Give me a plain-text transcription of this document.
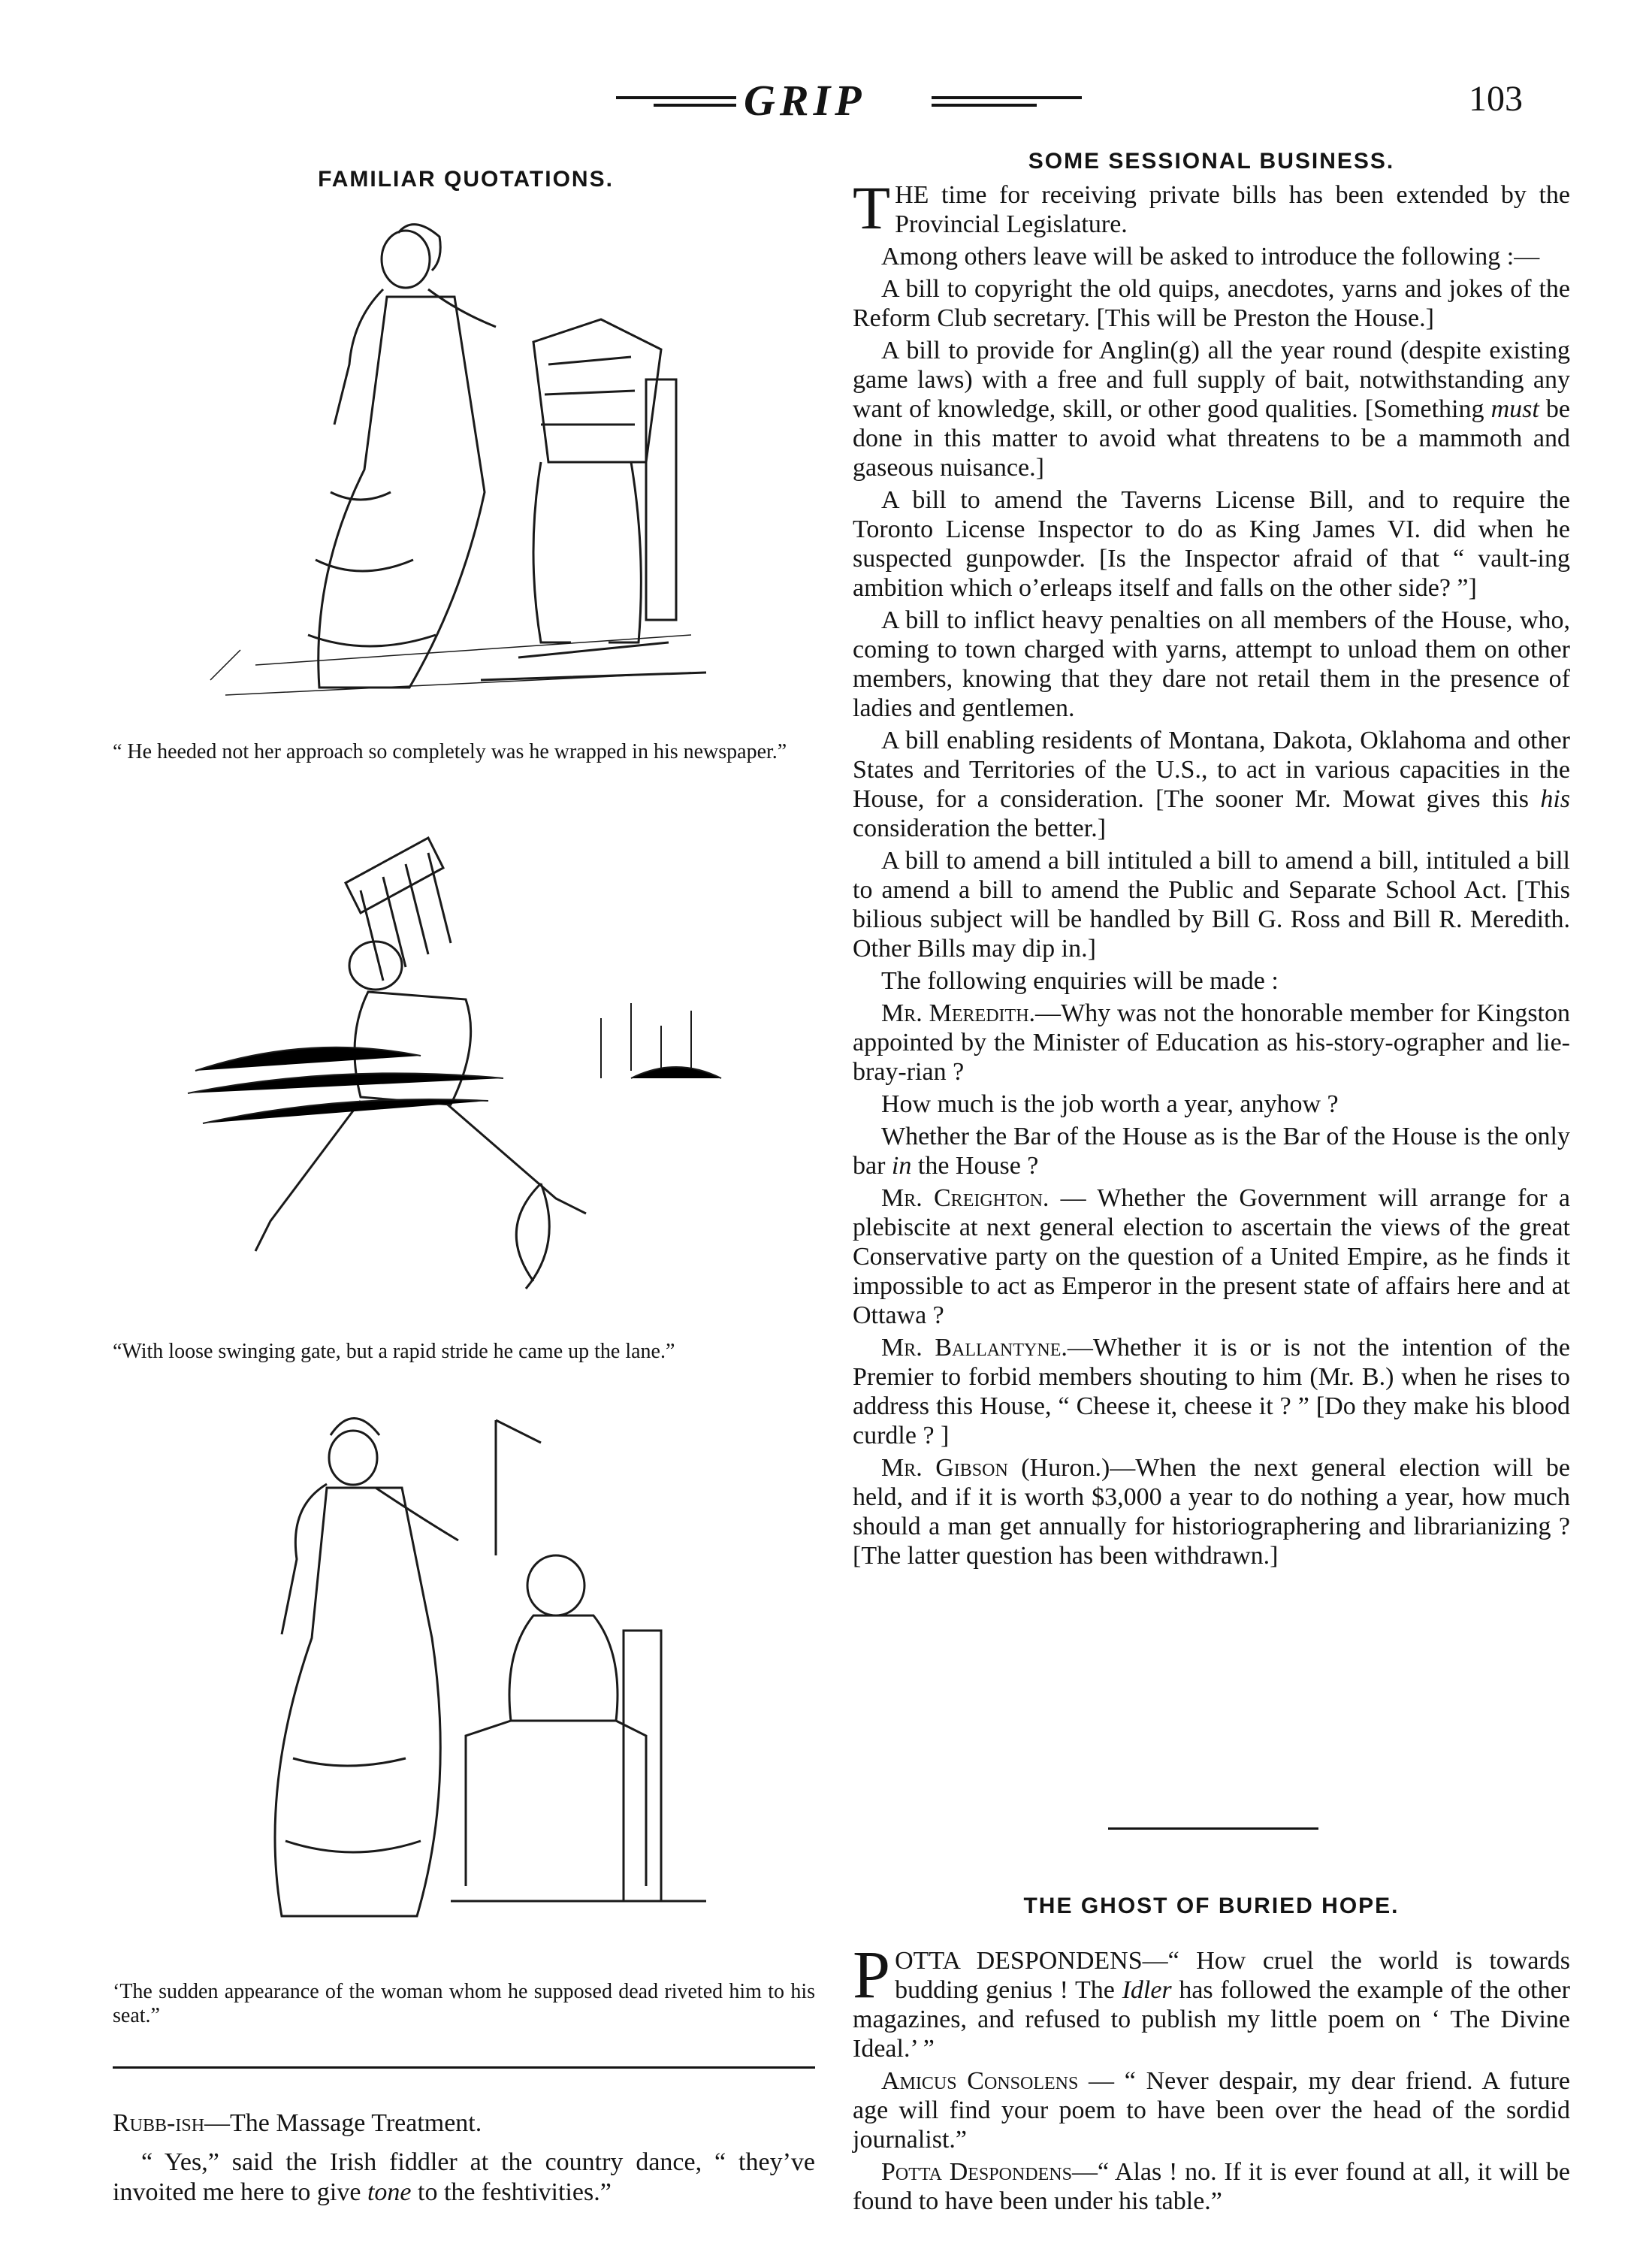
GRIP	103
FAMILIAR QUOTATIONS.
“ He heeded not her approach so completely was he wrapped in his newspaper.”
“With loose swinging gate, but a rapid stride he came up the lane.”
‘The sudden appearance of the woman whom he supposed dead riveted him to his seat.”

Rubb-ish—The Massage Treatment.

“ Yes,” said the Irish fiddler at the country dance, “ they’ve invoited me here to give tone to the feshtivities.”

SOME SESSIONAL BUSINESS.

THE time for receiving private bills has been extended by the Provincial Legislature.

Among others leave will be asked to introduce the following :—

A bill to copyright the old quips, anecdotes, yarns and jokes of the Reform Club secretary. [This will be Preston the House.]

A bill to provide for Anglin(g) all the year round (despite existing game laws) with a free and full supply of bait, notwithstanding any want of knowledge, skill, or other good qualities. [Something must be done in this matter to avoid what threatens to be a mammoth and gaseous nuisance.]

A bill to amend the Taverns License Bill, and to require the Toronto License Inspector to do as King James VI. did when he suspected gunpowder. [Is the Inspector afraid of that “ vault-ing ambition which o’erleaps itself and falls on the other side? ”]

A bill to inflict heavy penalties on all members of the House, who, coming to town charged with yarns, attempt to unload them on other members, knowing that they dare not retail them in the presence of ladies and gentlemen.

A bill enabling residents of Montana, Dakota, Oklahoma and other States and Territories of the U.S., to act in various capacities in the House, for a consideration. [The sooner Mr. Mowat gives this his consideration the better.]

A bill to amend a bill intituled a bill to amend a bill, intituled a bill to amend a bill to amend the Public and Separate School Act. [This bilious subject will be handled by Bill G. Ross and Bill R. Meredith. Other Bills may dip in.]

The following enquiries will be made :

Mr. Meredith.—Why was not the honorable member for Kingston appointed by the Minister of Education as his-story-ographer and lie-bray-rian ?

How much is the job worth a year, anyhow ?

Whether the Bar of the House as is the Bar of the House is the only bar in the House ?

Mr. Creighton. — Whether the Government will arrange for a plebiscite at next general election to ascertain the views of the great Conservative party on the question of a United Empire, as he finds it impossible to act as Emperor in the present state of affairs here and at Ottawa ?

Mr. Ballantyne.—Whether it is or is not the intention of the Premier to forbid members shouting to him (Mr. B.) when he rises to address this House, “ Cheese it, cheese it ? ” [Do they make his blood curdle ? ]

Mr. Gibson (Huron.)—When the next general election will be held, and if it is worth $3,000 a year to do nothing a year, how much should a man get annually for historiographering and librarianizing ? [The latter question has been withdrawn.]

THE GHOST OF BURIED HOPE.

POTTA DESPONDENS—“ How cruel the world is towards budding genius ! The Idler has followed the example of the other magazines, and refused to publish my little poem on ‘ The Divine Ideal.’ ”

Amicus Consolens — “ Never despair, my dear friend. A future age will find your poem to have been over the head of the sordid journalist.”

Potta Despondens—“ Alas ! no. If it is ever found at all, it will be found to have been under his table.”
